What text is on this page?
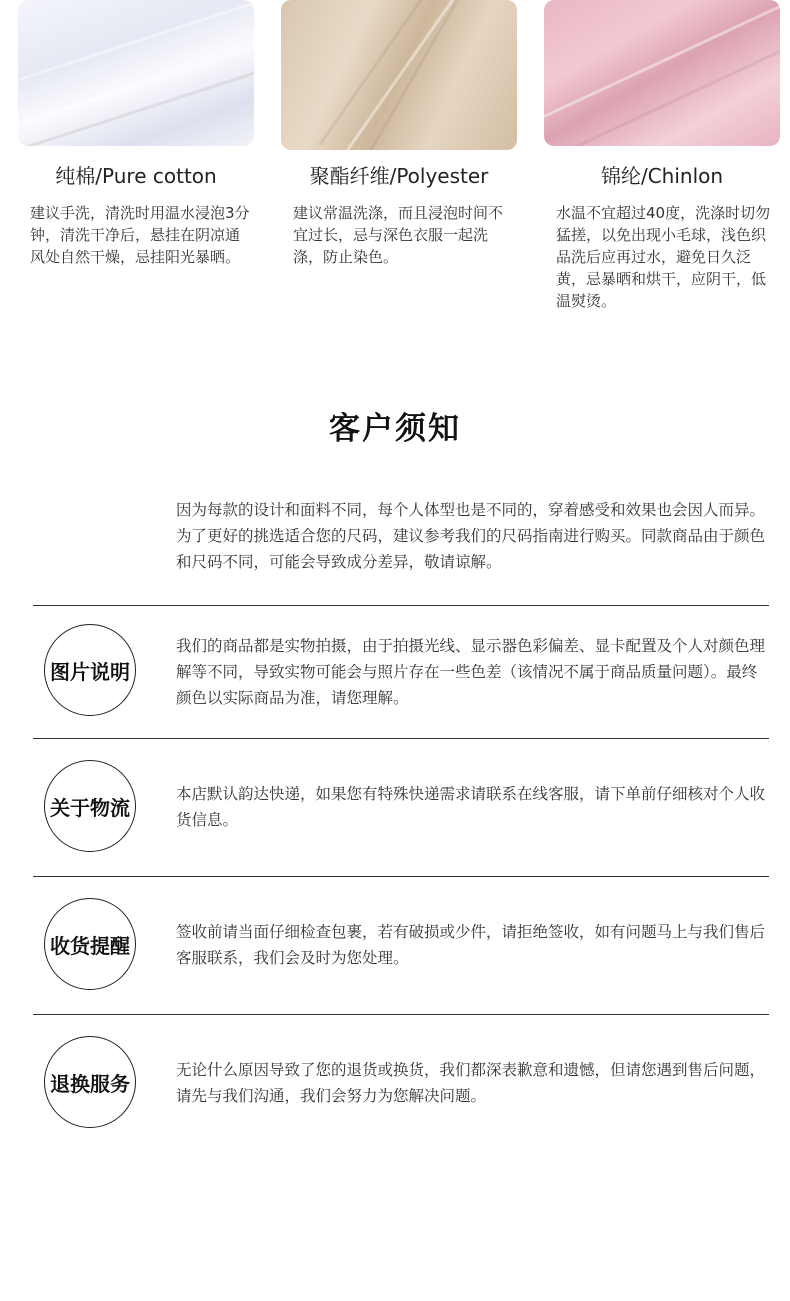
纯棉/Pure cotton
建议手洗，清洗时用温水浸泡3分钟，清洗干净后，悬挂在阴凉通风处自然干燥，忌挂阳光暴晒。
聚酯纤维/Polyester
建议常温洗涤，而且浸泡时间不宜过长，忌与深色衣服一起洗涤，防止染色。
锦纶/Chinlon
水温不宜超过40度，洗涤时切勿猛搓，以免出现小毛球，浅色织品洗后应再过水，避免日久泛黄，忌暴晒和烘干，应阴干，低温熨烫。
客户须知
因为每款的设计和面料不同，每个人体型也是不同的，穿着感受和效果也会因人而异。为了更好的挑选适合您的尺码，建议参考我们的尺码指南进行购买。同款商品由于颜色和尺码不同，可能会导致成分差异，敬请谅解。
图片说明
我们的商品都是实物拍摄，由于拍摄光线、显示器色彩偏差、显卡配置及个人对颜色理解等不同，导致实物可能会与照片存在一些色差（该情况不属于商品质量问题）。最终颜色以实际商品为准，请您理解。
关于物流
本店默认韵达快递，如果您有特殊快递需求请联系在线客服，请下单前仔细核对个人收货信息。
收货提醒
签收前请当面仔细检查包裹，若有破损或少件，请拒绝签收，如有问题马上与我们售后客服联系，我们会及时为您处理。
退换服务
无论什么原因导致了您的退货或换货，我们都深表歉意和遗憾，但请您遇到售后问题，请先与我们沟通，我们会努力为您解决问题。
